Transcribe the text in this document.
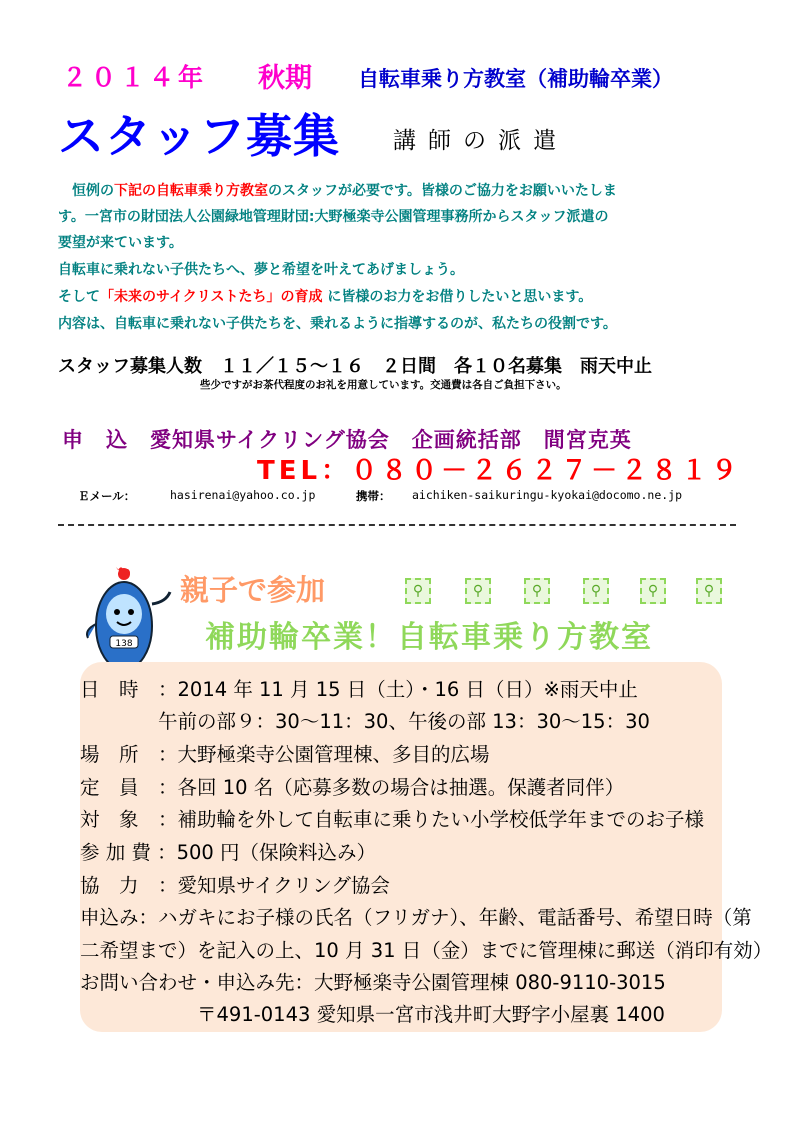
２０１４年 秋期 自転車乗り方教室（補助輪卒業）
スタッフ募集 講師の派遣
恒例の下記の自転車乗り方教室のスタッフが必要です。皆様のご協力をお願いいたしま
す。一宮市の財団法人公園緑地管理財団:大野極楽寺公園管理事務所からスタッフ派遣の
要望が来ています。
自転車に乗れない子供たちへ、夢と希望を叶えてあげましょう。
そして「未来のサイクリストたち」の育成 に皆様のお力をお借りしたいと思います。
内容は、自転車に乗れない子供たちを、乗れるように指導するのが、私たちの役割です。
スタッフ募集人数　１１／１５～１６　２日間　各１０名募集　雨天中止
些少ですがお茶代程度のお礼を用意しています。交通費は各自ご負担下さい。
申　込　愛知県サイクリング協会　企画統括部　間宮克英
TEL：０８０－２６２７－２８１９
Ｅメール：	hasirenai@yahoo.co.jp	携帯： aichiken-saikuringu-kyokai@docomo.ne.jp
138
親子で参加
補助輪卒業！自転車乗り方教室
⚲	⚲	⚲	⚲	⚲	⚲
日　時　：2014 年 11 月 15 日（土）・16 日（日）※雨天中止
　　　　午前の部９：30～11：30、午後の部 13：30～15：30
場　所　：大野極楽寺公園管理棟、多目的広場
定　員　：各回 10 名（応募多数の場合は抽選。保護者同伴）
対　象　：補助輪を外して自転車に乗りたい小学校低学年までのお子様
参 加 費 ：500 円（保険料込み）
協　力　：愛知県サイクリング協会
申込み：ハガキにお子様の氏名（フリガナ）、年齢、電話番号、希望日時（第
二希望まで）を記入の上、10 月 31 日（金）までに管理棟に郵送（消印有効）
お問い合わせ・申込み先：大野極楽寺公園管理棟 080-9110-3015
　　　　　　〒491-0143 愛知県一宮市浅井町大野字小屋裏 1400
